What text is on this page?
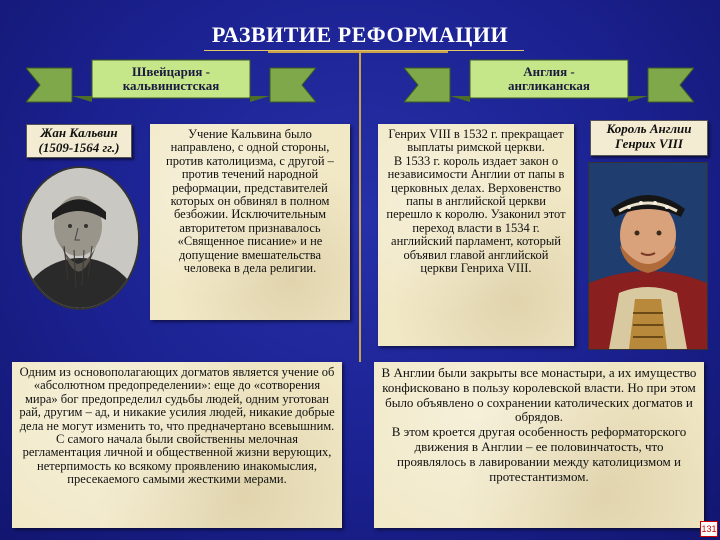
РАЗВИТИЕ РЕФОРМАЦИИ
Швейцария -
кальвинистская
Англия -
англиканская
Жан Кальвин
(1509-1564 гг.)
Учение Кальвина было направлено, с одной стороны, против католицизма, с другой – против течений народной реформации, представителей которых он обвинял в полном безбожии. Исключительным авторитетом признавалось «Священное писание» и не допущение вмешательства человека в дела религии.
Генрих VIII в 1532 г. прекращает выплаты римской церкви.
В 1533 г. король издает закон о независимости Англии от папы в церковных делах. Верховенство папы в английской церкви перешло к королю. Узаконил этот переход власти в 1534 г. английский парламент, который объявил главой английской церкви Генриха VIII.
Король Англии
Генрих VIII
Одним из основополагающих догматов является учение об «абсолютном предопределении»: еще до «сотворения мира» бог предопределил судьбы людей, одним уготован рай, другим – ад, и никакие усилия людей, никакие добрые дела не могут изменить то, что предначертано всевышним. С самого начала были свойственны мелочная регламентация личной и общественной жизни верующих, нетерпимость ко всякому проявлению инакомыслия, пресекаемого самыми жесткими мерами.
В Англии были закрыты все монастыри, а их имущество конфисковано в пользу королевской власти. Но при этом было объявлено о сохранении католических догматов и обрядов.
В этом кроется другая особенность реформаторского движения в Англии – ее половинчатость, что проявлялось в лавировании между католицизмом и протестантизмом.
131
